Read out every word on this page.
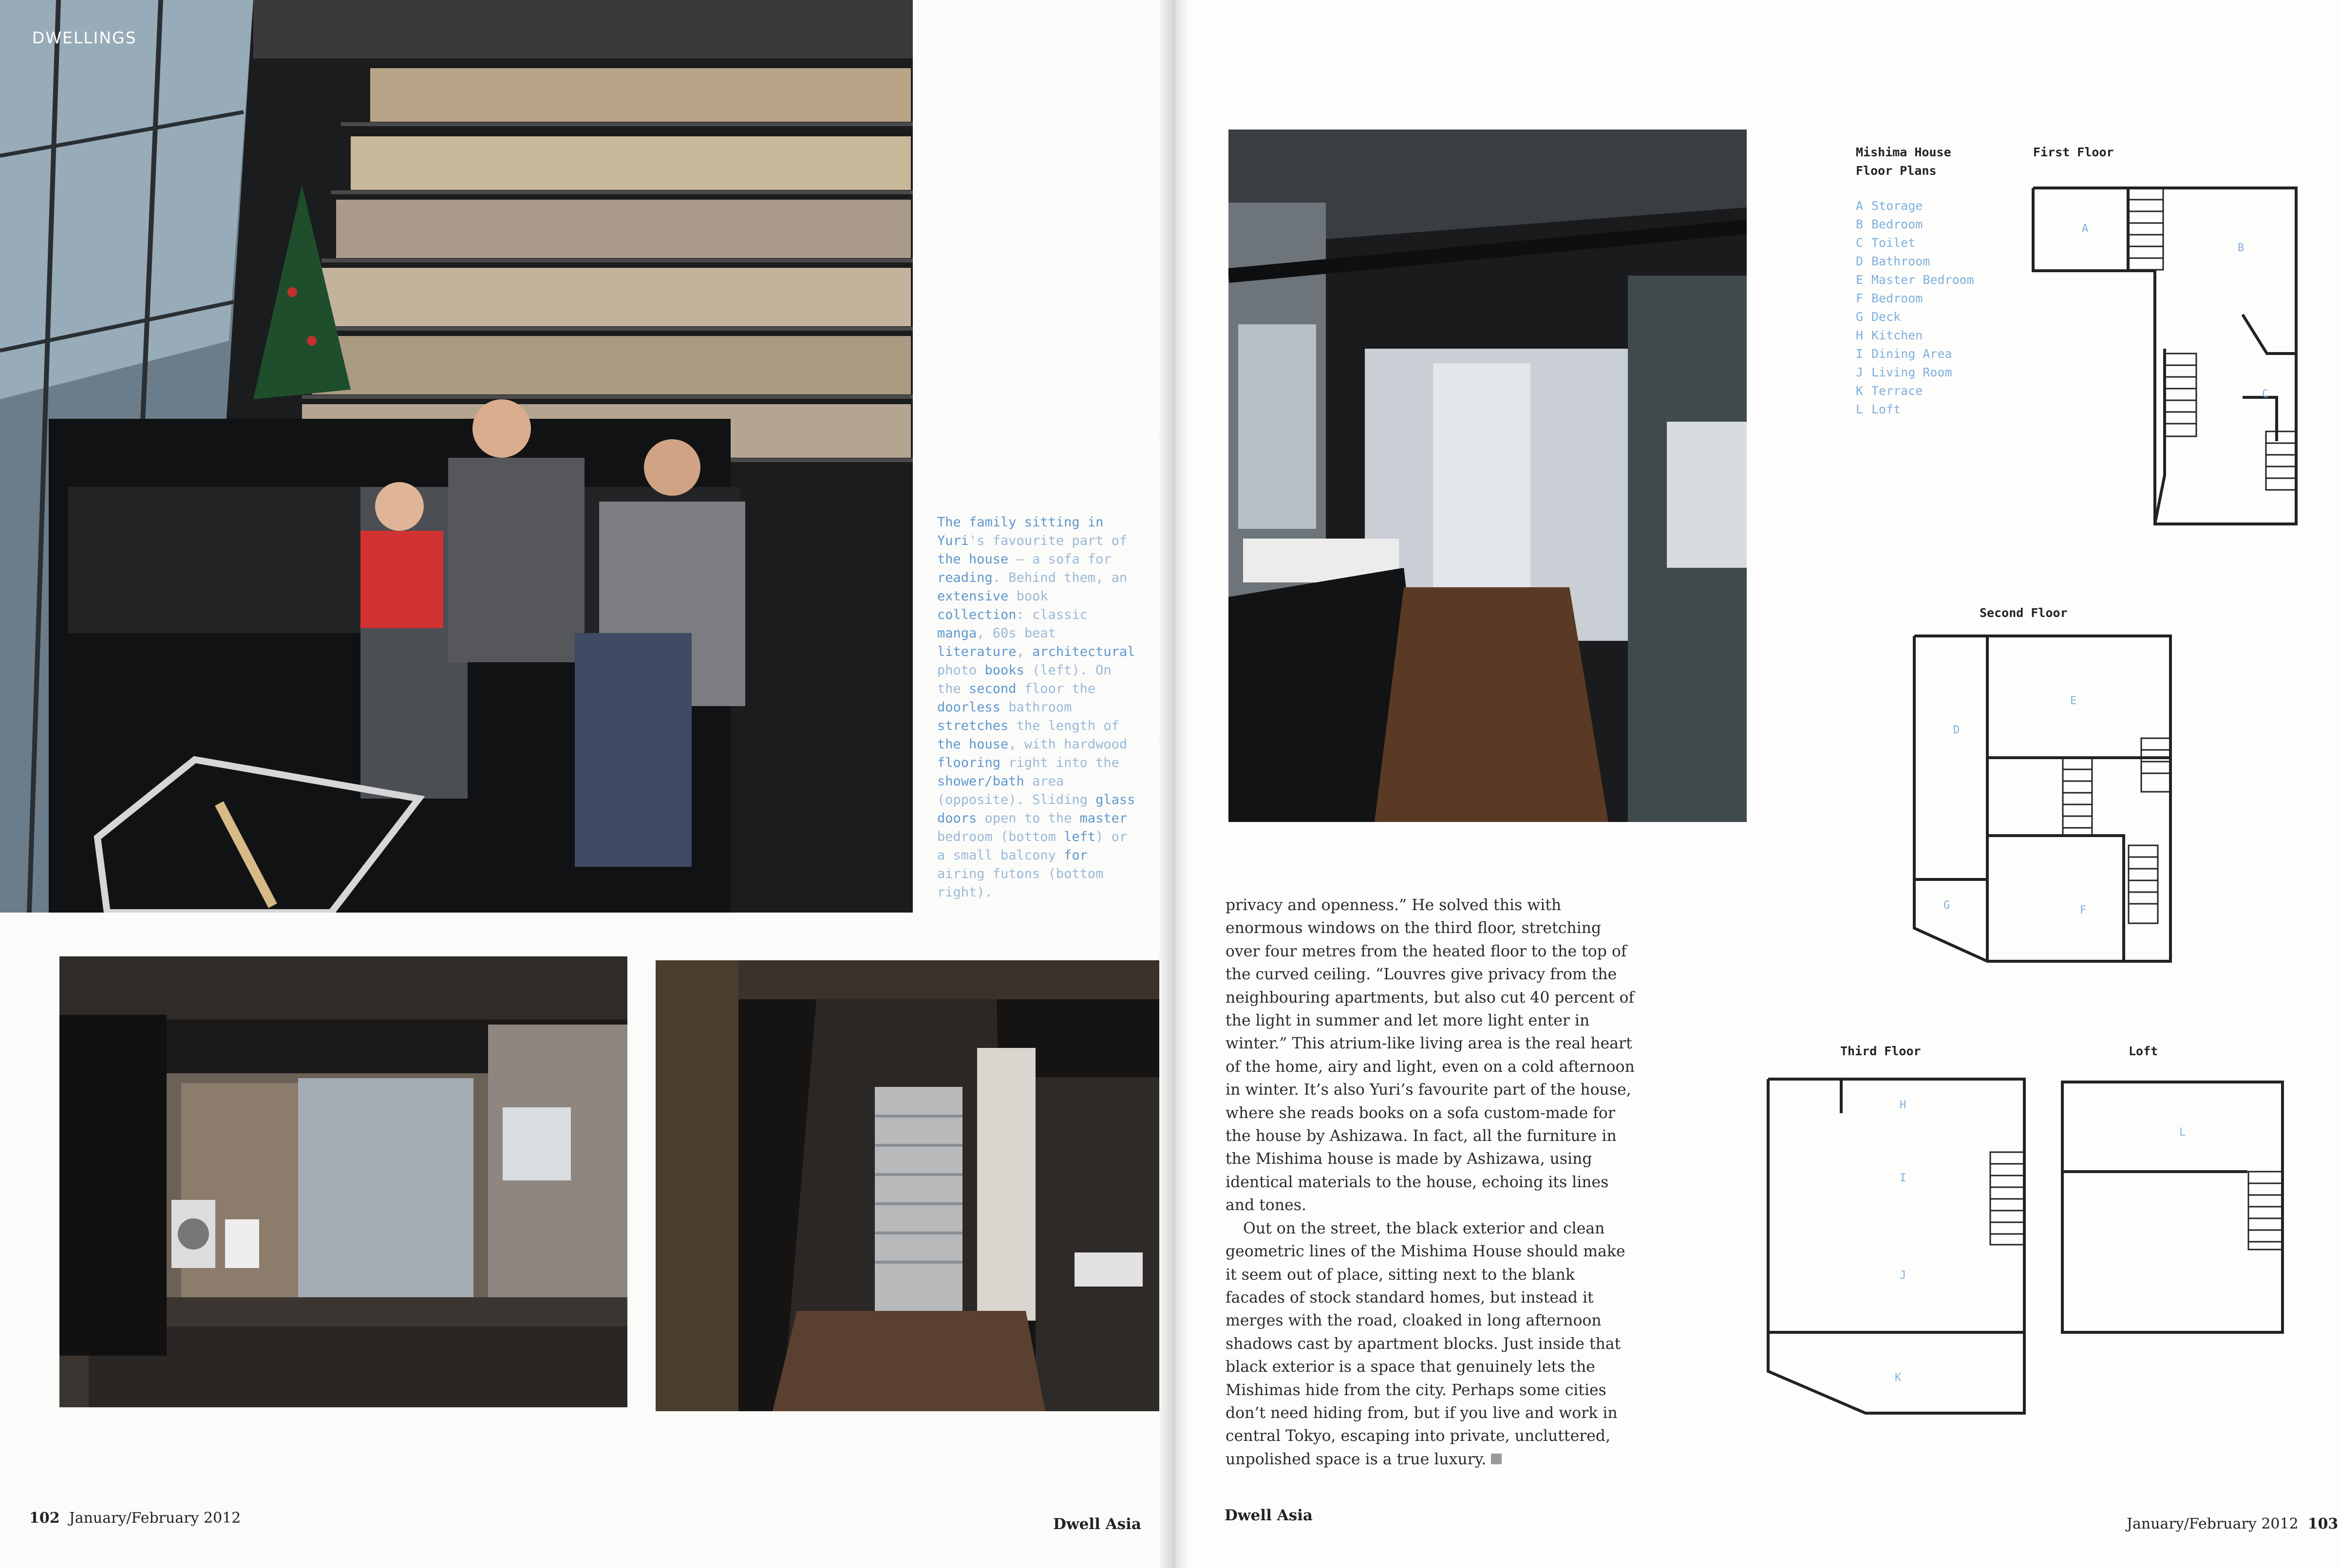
DWELLINGS

The family sitting in Yuri's favourite part of the house – a sofa for reading. Behind them, an extensive book collection: classic manga, 60s beat literature, architectural photo books (left). On the second floor the doorless bathroom stretches the length of the house, with hardwood flooring right into the shower/bath area (opposite). Sliding glass doors open to the master bedroom (bottom left) or a small balcony for airing futons (bottom right).

102 January/February 2012	Dwell Asia

privacy and openness.” He solved this with enormous windows on the third floor, stretching over four metres from the heated floor to the top of the curved ceiling. “Louvres give privacy from the neighbouring apartments, but also cut 40 percent of the light in summer and let more light enter in winter.” This atrium-like living area is the real heart of the home, airy and light, even on a cold afternoon in winter. It’s also Yuri’s favourite part of the house, where she reads books on a sofa custom-made for the house by Ashizawa. In fact, all the furniture in the Mishima house is made by Ashizawa, using identical materials to the house, echoing its lines and tones.

Out on the street, the black exterior and clean geometric lines of the Mishima House should make it seem out of place, sitting next to the blank facades of stock standard homes, but instead it merges with the road, cloaked in long afternoon shadows cast by apartment blocks. Just inside that black exterior is a space that genuinely lets the Mishimas hide from the city. Perhaps some cities don’t need hiding from, but if you live and work in central Tokyo, escaping into private, uncluttered, unpolished space is a true luxury.

Mishima House
Floor Plans
A Storage
B Bedroom
C Toilet
D Bathroom
E Master Bedroom
F Bedroom
G Deck
H Kitchen
I Dining Area
J Living Room
K Terrace
L Loft
First Floor
A
B
C
Second Floor
D
E
F
G
Third Floor
H
I
J
K
Loft
L
Dwell Asia	January/February 2012 103
